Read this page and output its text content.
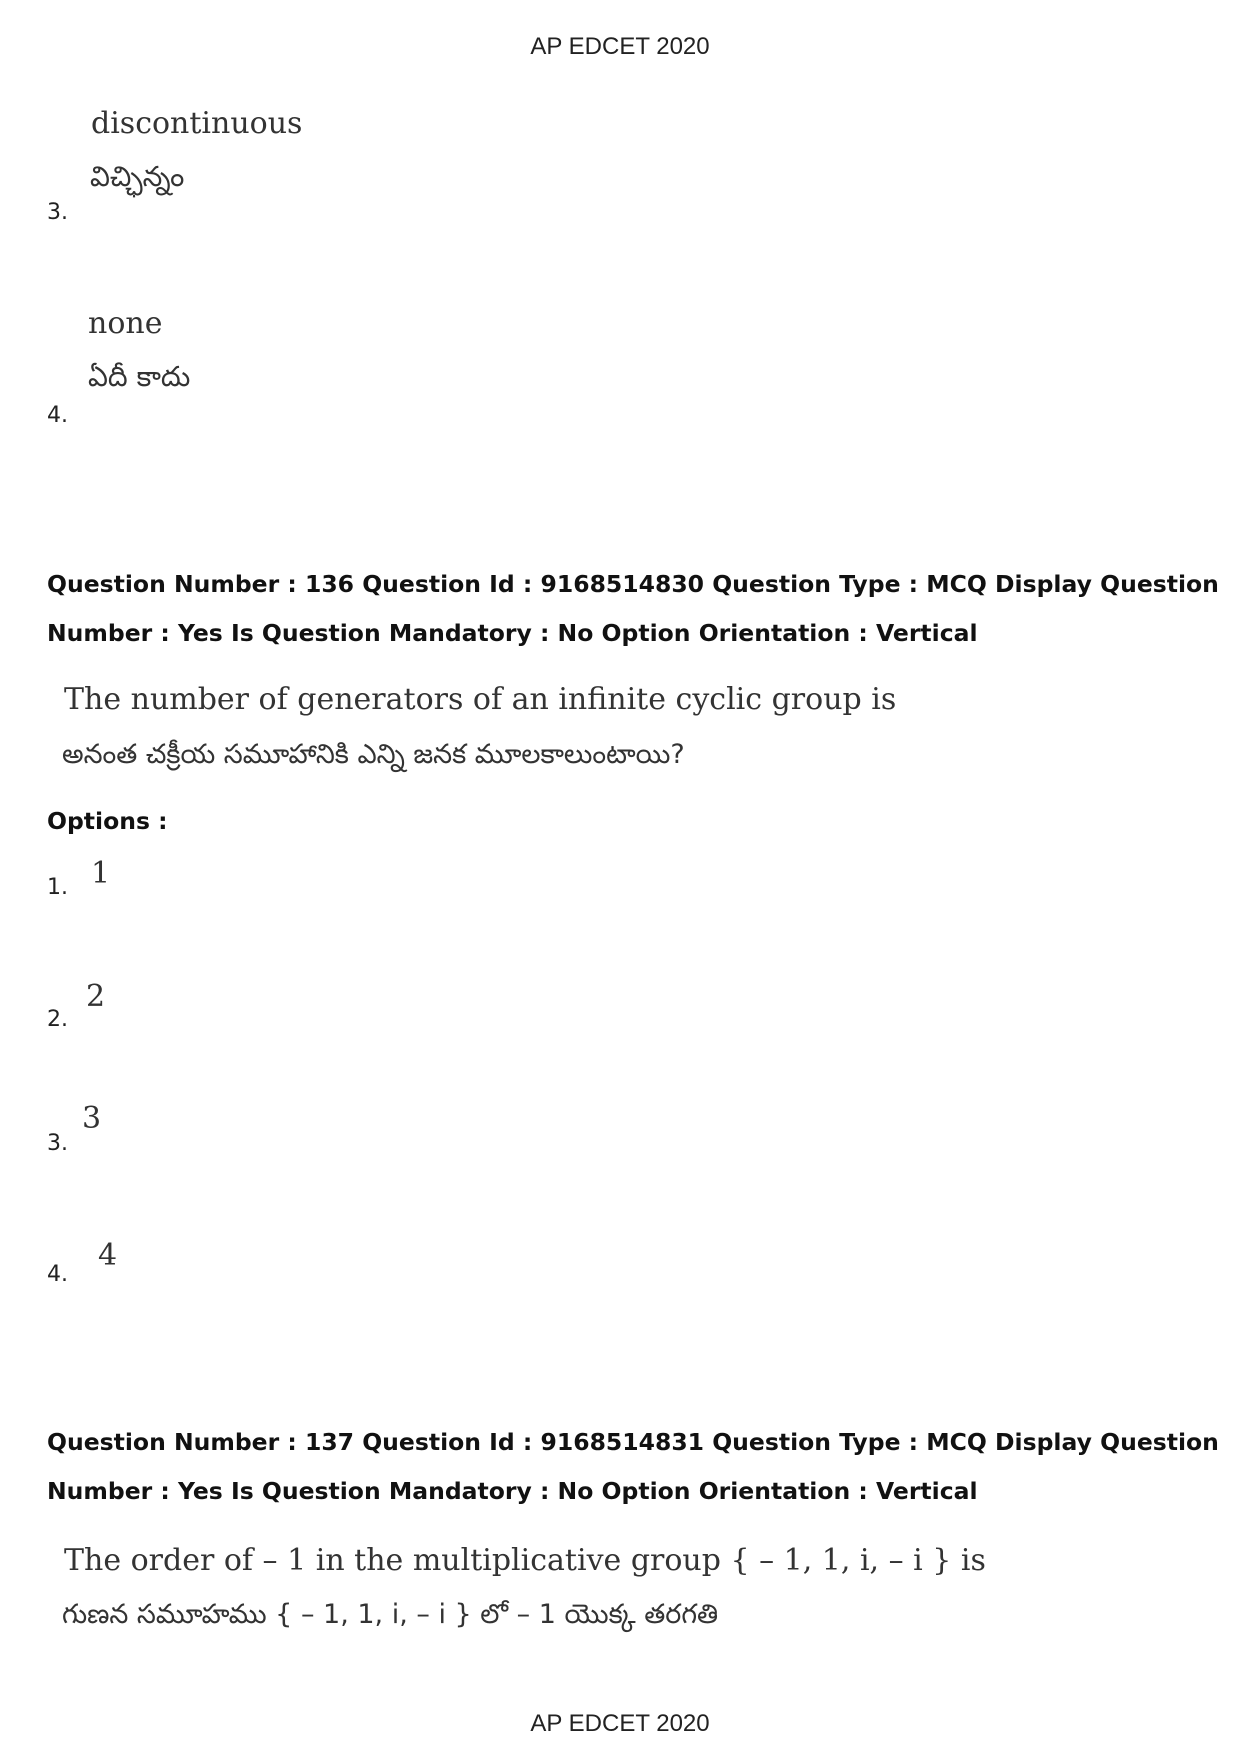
AP EDCET 2020
discontinuous
విచ్ఛిన్నం
3.
none
ఏదీ కాదు
4.
Question Number : 136 Question Id : 9168514830 Question Type : MCQ Display Question
Number : Yes Is Question Mandatory : No Option Orientation : Vertical
The number of generators of an infinite cyclic group is
అనంత చక్రీయ సమూహానికి ఎన్ని జనక మూలకాలుంటాయి?
Options :
1. 1
2.
2
3.
3
4.
4
Question Number : 137 Question Id : 9168514831 Question Type : MCQ Display Question
Number : Yes Is Question Mandatory : No Option Orientation : Vertical
The order of – 1 in the multiplicative group { – 1, 1, i, – i } is
గుణన సమూహము { – 1, 1, i, – i } లో – 1 యొక్క తరగతి
AP EDCET 2020
